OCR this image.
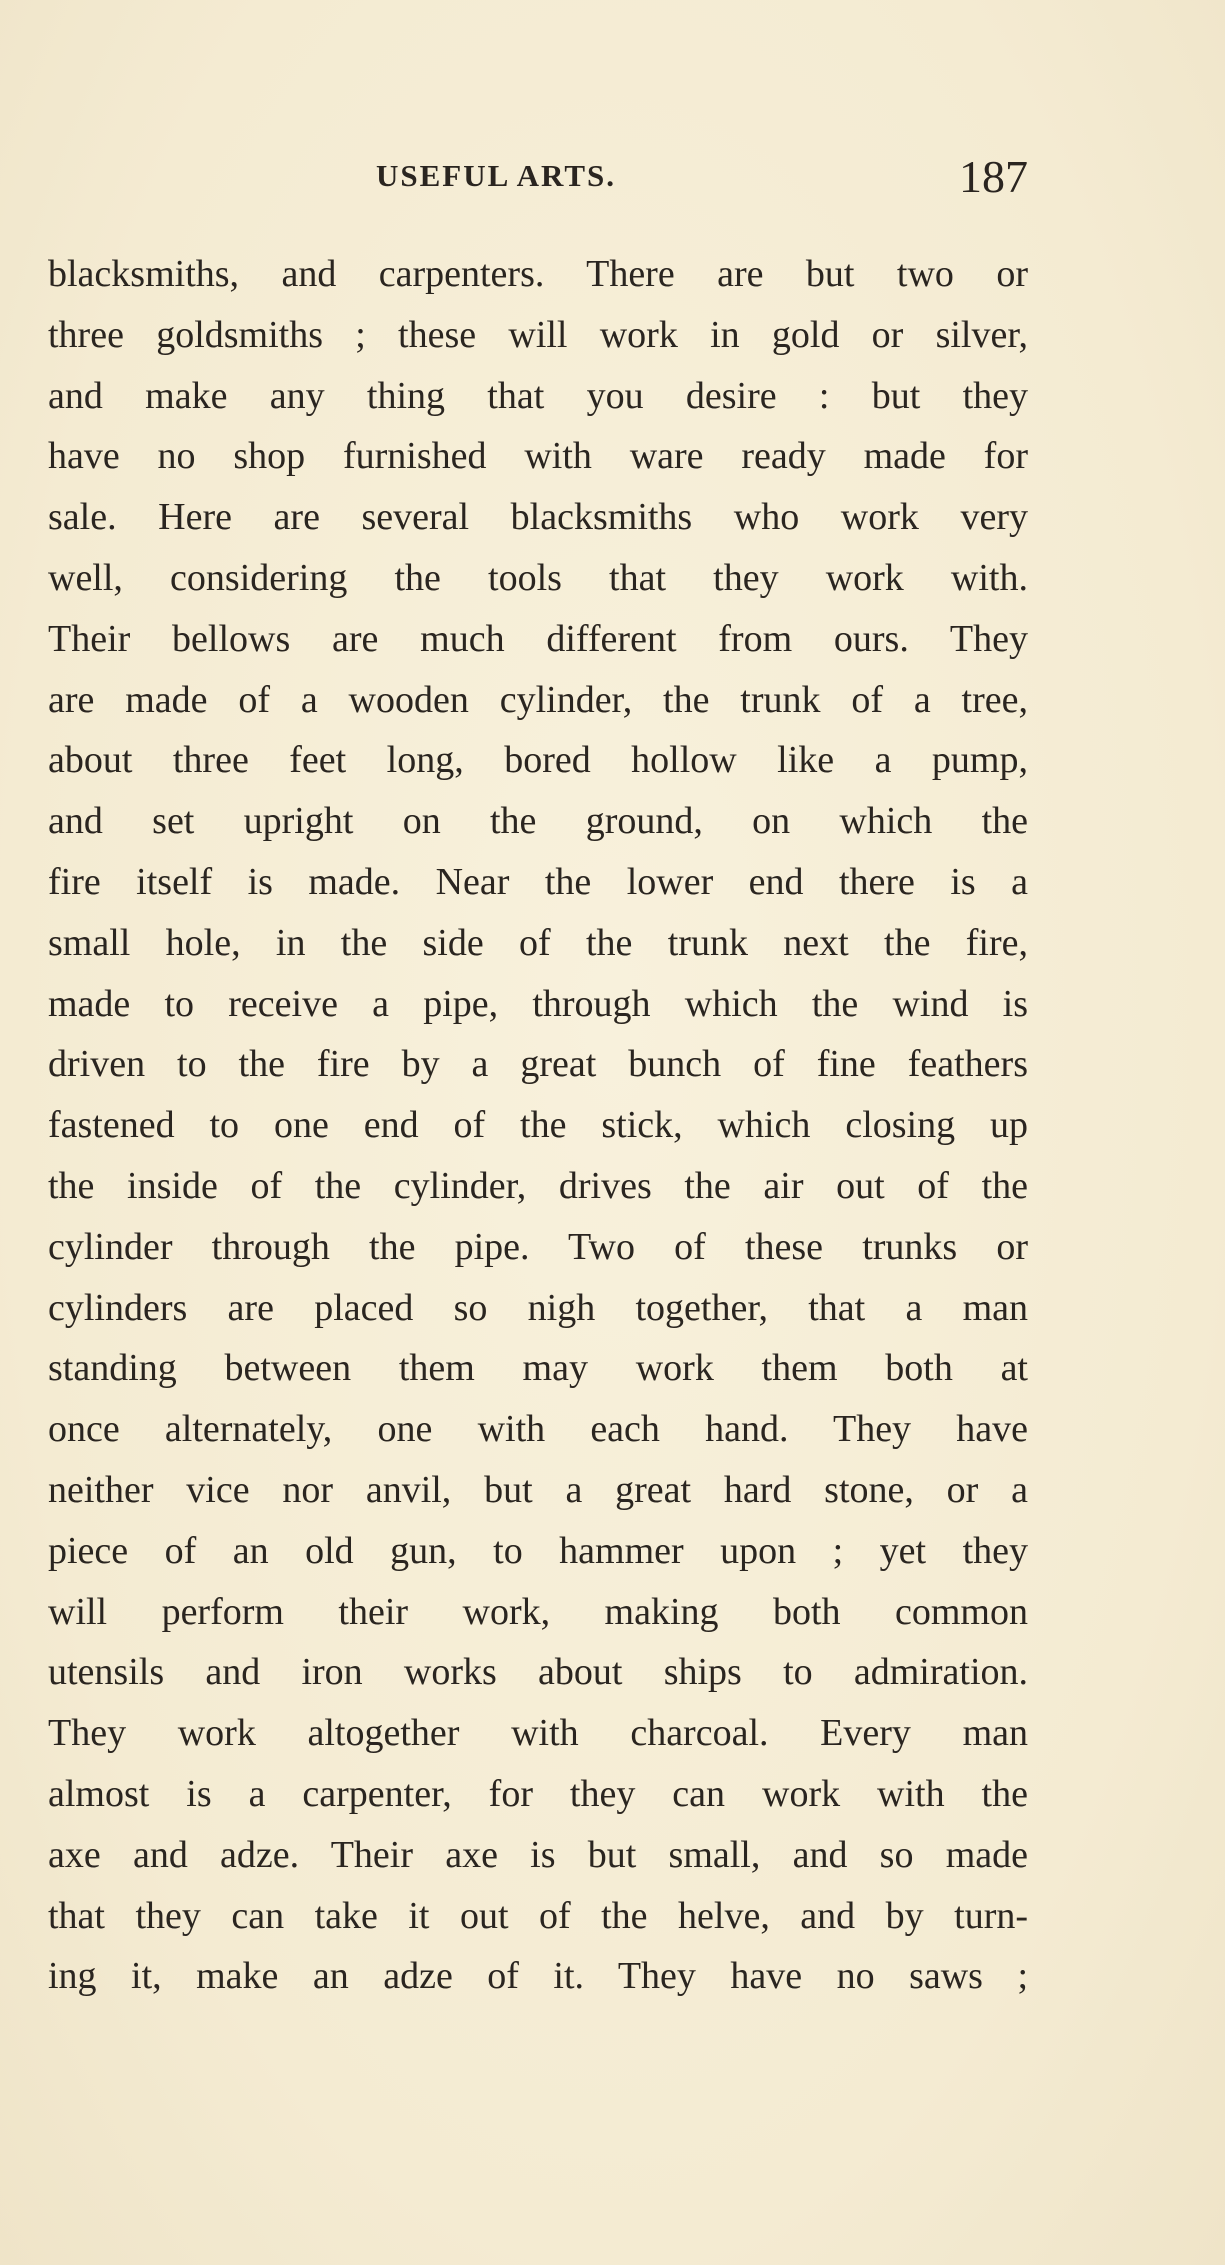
USEFUL ARTS.	187
blacksmiths, and carpenters. There are but two or
three goldsmiths ; these will work in gold or silver,
and make any thing that you desire : but they
have no shop furnished with ware ready made for
sale. Here are several blacksmiths who work very
well, considering the tools that they work with.
Their bellows are much different from ours. They
are made of a wooden cylinder, the trunk of a tree,
about three feet long, bored hollow like a pump,
and set upright on the ground, on which the
fire itself is made. Near the lower end there is a
small hole, in the side of the trunk next the fire,
made to receive a pipe, through which the wind is
driven to the fire by a great bunch of fine feathers
fastened to one end of the stick, which closing up
the inside of the cylinder, drives the air out of the
cylinder through the pipe. Two of these trunks or
cylinders are placed so nigh together, that a man
standing between them may work them both at
once alternately, one with each hand. They have
neither vice nor anvil, but a great hard stone, or a
piece of an old gun, to hammer upon ; yet they
will perform their work, making both common
utensils and iron works about ships to admiration.
They work altogether with charcoal. Every man
almost is a carpenter, for they can work with the
axe and adze. Their axe is but small, and so made
that they can take it out of the helve, and by turn-
ing it, make an adze of it. They have no saws ;
